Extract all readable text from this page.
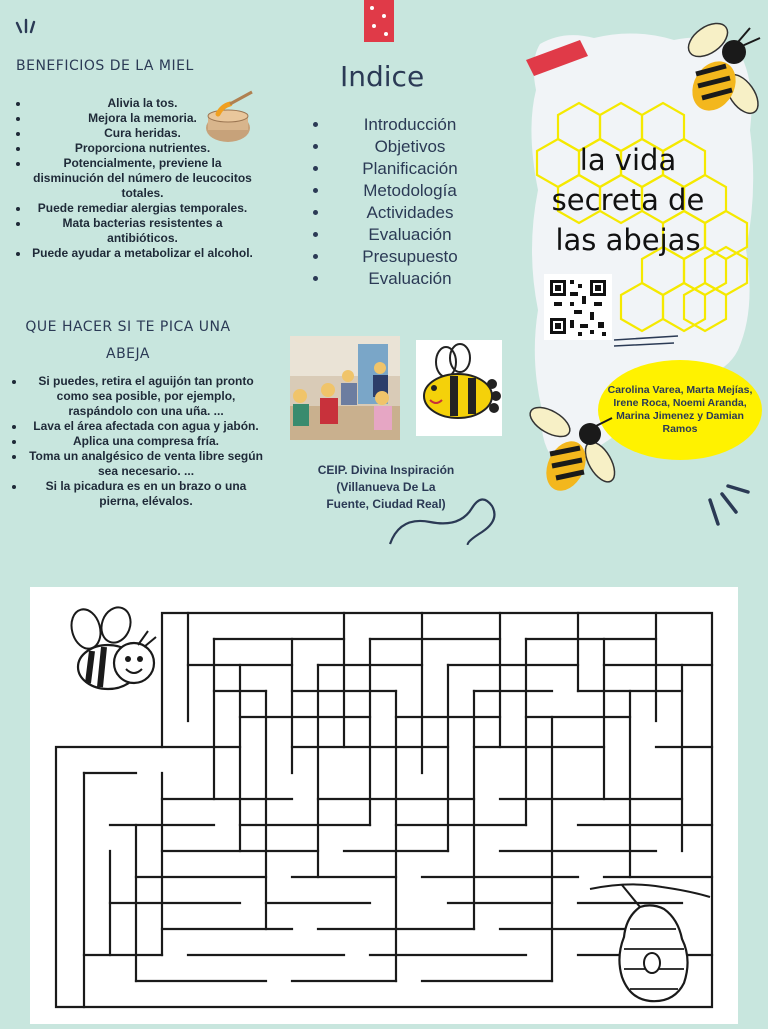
BENEFICIOS DE LA MIEL
• Alivia la tos.
• Mejora la memoria.
• Cura heridas.
• Proporciona nutrientes.
• Potencialmente, previene la disminución del número de leucocitos totales.
• Puede remediar alergias temporales.
• Mata bacterias resistentes a antibióticos.
• Puede ayudar a metabolizar el alcohol.
QUE HACER SI TE PICA UNA
ABEJA
• Si puedes, retira el aguijón tan pronto como sea posible, por ejemplo, raspándolo con una uña. ...
• Lava el área afectada con agua y jabón.
• Aplica una compresa fría.
• Toma un analgésico de venta libre según sea necesario. ...
• Si la picadura es en un brazo o una pierna, elévalos.
Indice
• Introducción
• Objetivos
• Planificación
• Metodología
• Actividades
• Evaluación
• Presupuesto
• Evaluación
CEIP. Divina Inspiración
(Villanueva De La
Fuente, Ciudad Real)
la vida
secreta de
las abejas
Carolina Varea, Marta Mejías, Irene Roca, Noemi Aranda, Marina Jimenez y Damian Ramos
